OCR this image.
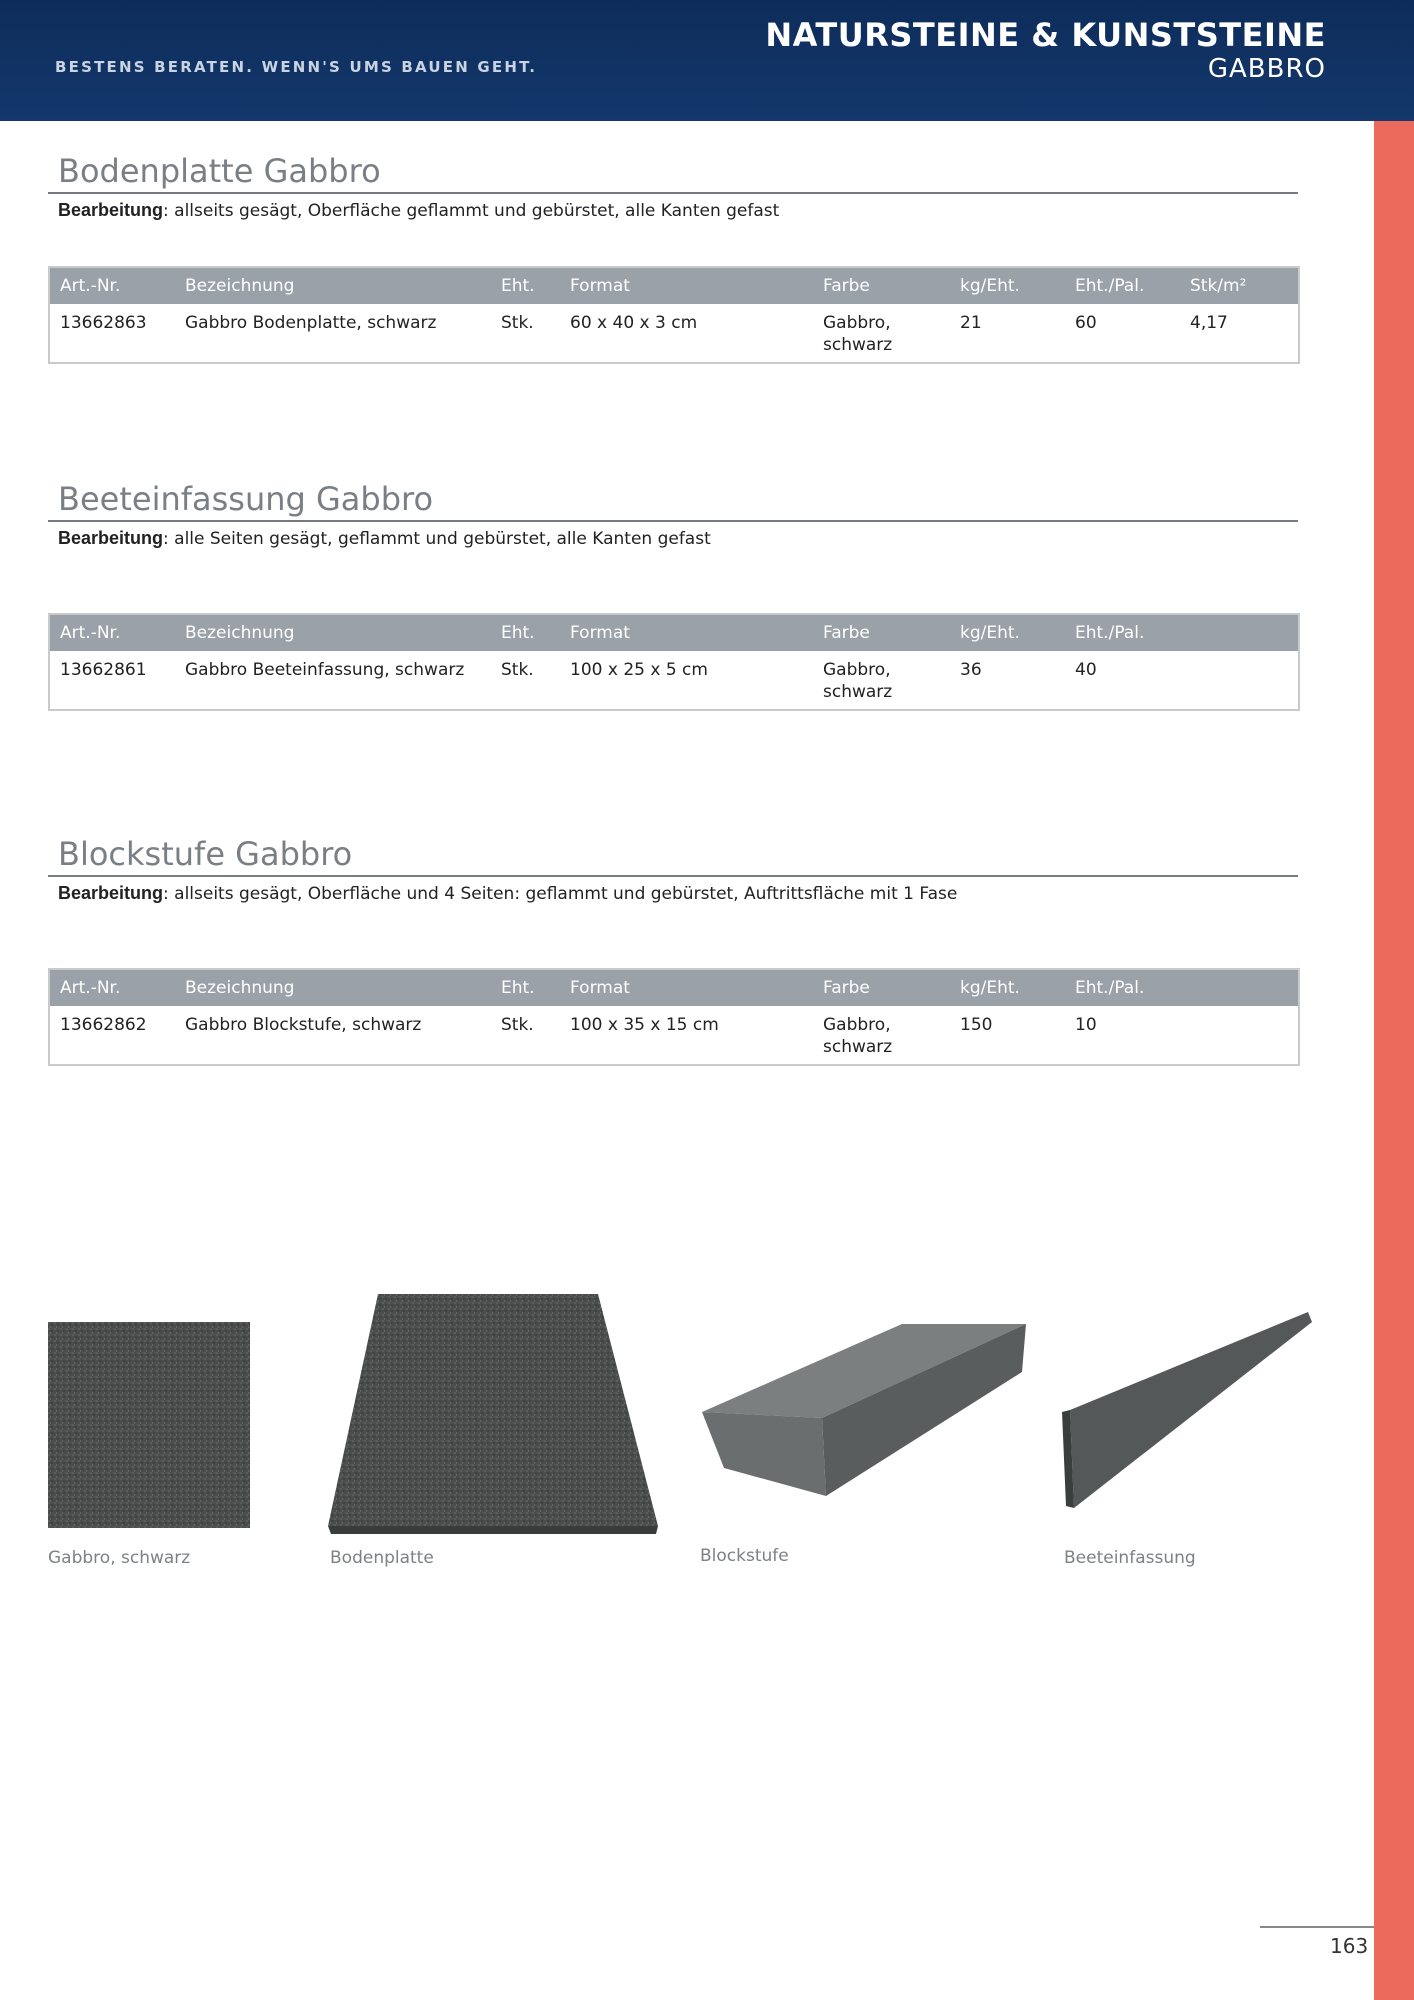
BESTENS BERATEN. WENN'S UMS BAUEN GEHT.
NATURSTEINE & KUNSTSTEINE
GABBRO
Bodenplatte Gabbro
Bearbeitung: allseits gesägt, Oberfläche geflammt und gebürstet, alle Kanten gefast
Art.-Nr.	Bezeichnung	Eht.	Format	Farbe	kg/Eht.	Eht./Pal.	Stk/m²
13662863	Gabbro Bodenplatte, schwarz	Stk.	60 x 40 x 3 cm	Gabbro, schwarz	21	60	4,17
Beeteinfassung Gabbro
Bearbeitung: alle Seiten gesägt, geflammt und gebürstet, alle Kanten gefast
Art.-Nr.	Bezeichnung	Eht.	Format	Farbe	kg/Eht.	Eht./Pal.	
13662861	Gabbro Beeteinfassung, schwarz	Stk.	100 x 25 x 5 cm	Gabbro, schwarz	36	40	
Blockstufe Gabbro
Bearbeitung: allseits gesägt, Oberfläche und 4 Seiten: geflammt und gebürstet, Auftrittsfläche mit 1 Fase
Art.-Nr.	Bezeichnung	Eht.	Format	Farbe	kg/Eht.	Eht./Pal.	
13662862	Gabbro Blockstufe, schwarz	Stk.	100 x 35 x 15 cm	Gabbro, schwarz	150	10	
Gabbro, schwarz	Bodenplatte	Blockstufe	Beeteinfassung
163
